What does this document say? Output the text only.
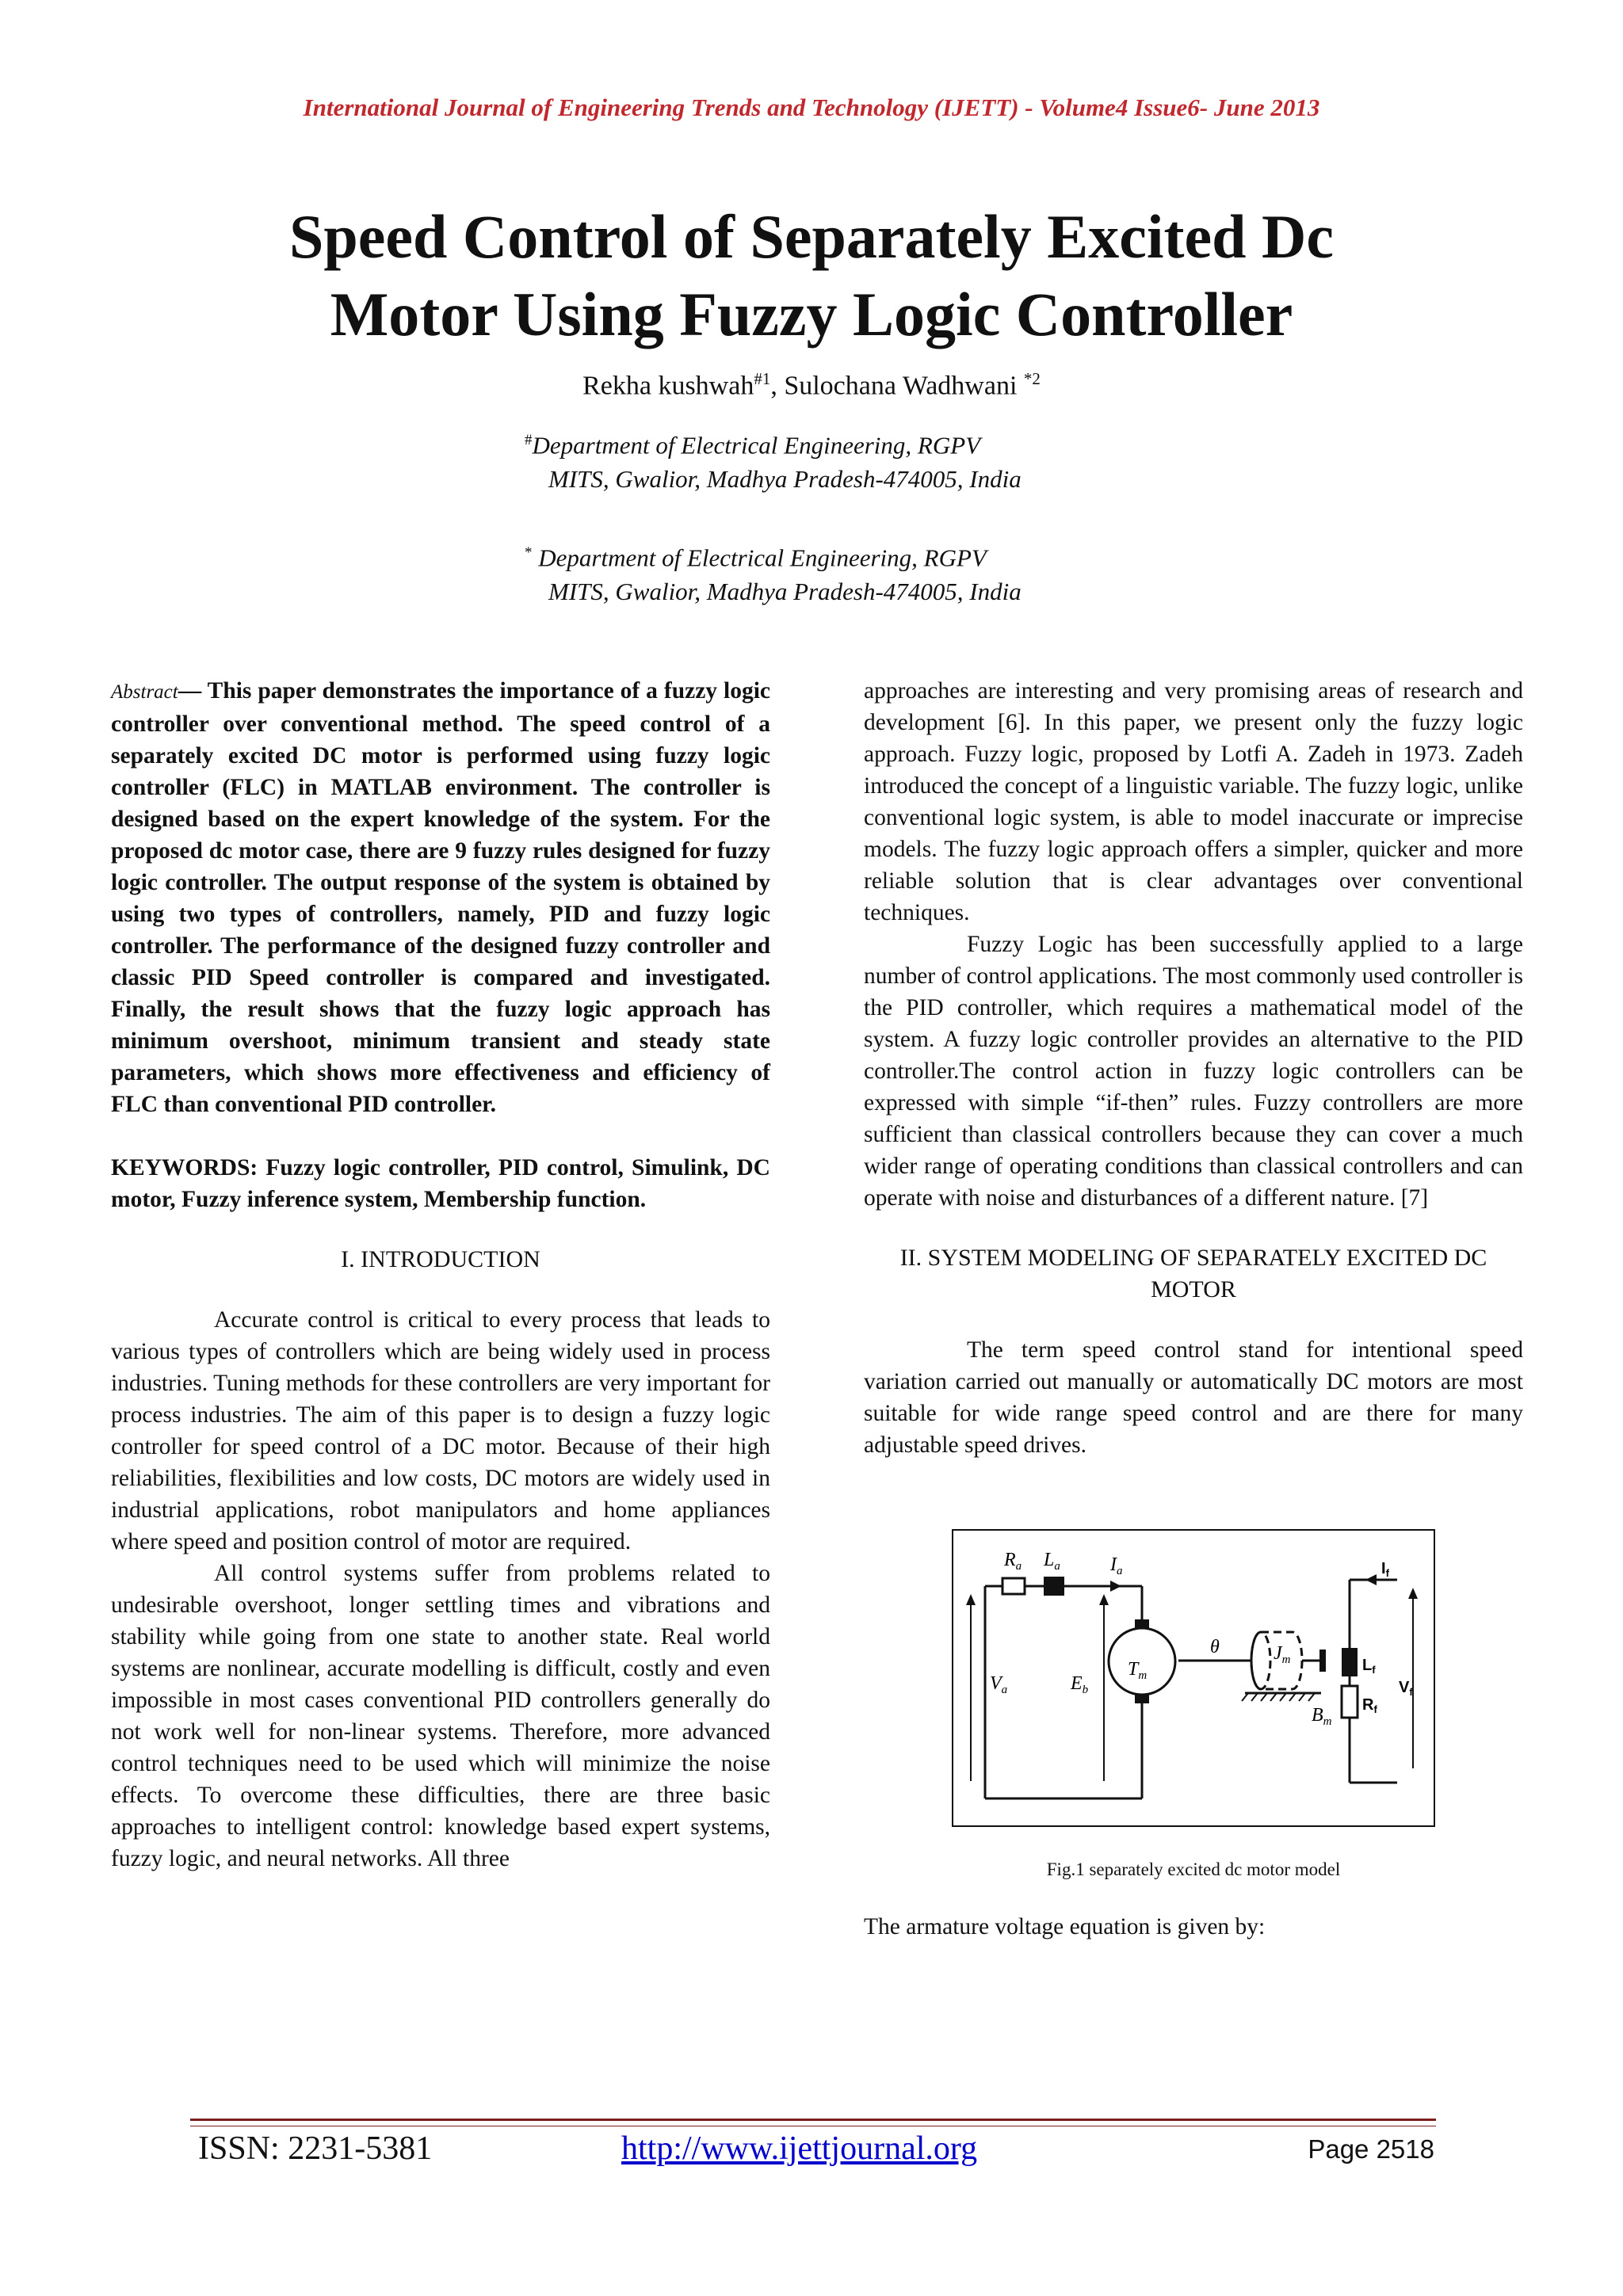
International Journal of Engineering Trends and Technology (IJETT) - Volume4 Issue6- June 2013
Speed Control of Separately Excited Dc
Motor Using Fuzzy Logic Controller
Rekha kushwah$^{\#1}$, Sulochana Wadhwani $^{*2}$
#Department of Electrical Engineering, RGPV
MITS, Gwalior, Madhya Pradesh-474005, India
* Department of Electrical Engineering, RGPV
MITS, Gwalior, Madhya Pradesh-474005, India

Abstract— This paper demonstrates the importance of a fuzzy logic controller over conventional method. The speed control of a separately excited DC motor is performed using fuzzy logic controller (FLC) in MATLAB environment. The controller is designed based on the expert knowledge of the system. For the proposed dc motor case, there are 9 fuzzy rules designed for fuzzy logic controller. The output response of the system is obtained by using two types of controllers, namely, PID and fuzzy logic controller. The performance of the designed fuzzy controller and classic PID Speed controller is compared and investigated. Finally, the result shows that the fuzzy logic approach has minimum overshoot, minimum transient and steady state parameters, which shows more effectiveness and efficiency of FLC than conventional PID controller.

KEYWORDS: Fuzzy logic controller, PID control, Simulink, DC motor, Fuzzy inference system, Membership function.

I. INTRODUCTION

Accurate control is critical to every process that leads to various types of controllers which are being widely used in process industries. Tuning methods for these controllers are very important for process industries. The aim of this paper is to design a fuzzy logic controller for speed control of a DC motor. Because of their high reliabilities, flexibilities and low costs, DC motors are widely used in industrial applications, robot manipulators and home appliances where speed and position control of motor are required.

All control systems suffer from problems related to undesirable overshoot, longer settling times and vibrations and stability while going from one state to another state. Real world systems are nonlinear, accurate modelling is difficult, costly and even impossible in most cases conventional PID controllers generally do not work well for non-linear systems. Therefore, more advanced control techniques need to be used which will minimize the noise effects. To overcome these difficulties, there are three basic approaches to intelligent control: knowledge based expert systems, fuzzy logic, and neural networks. All three

approaches are interesting and very promising areas of research and development [6]. In this paper, we present only the fuzzy logic approach. Fuzzy logic, proposed by Lotfi A. Zadeh in 1973. Zadeh introduced the concept of a linguistic variable. The fuzzy logic, unlike conventional logic system, is able to model inaccurate or imprecise models. The fuzzy logic approach offers a simpler, quicker and more reliable solution that is clear advantages over conventional techniques.

Fuzzy Logic has been successfully applied to a large number of control applications. The most commonly used controller is the PID controller, which requires a mathematical model of the system. A fuzzy logic controller provides an alternative to the PID controller.The control action in fuzzy logic controllers can be expressed with simple “if-then” rules. Fuzzy controllers are more sufficient than classical controllers because they can cover a much wider range of operating conditions than classical controllers and can operate with noise and disturbances of a different nature. [7]

II. SYSTEM MODELING OF SEPARATELY EXCITED DC MOTOR

The term speed control stand for intentional speed variation carried out manually or automatically DC motors are most suitable for wide range speed control and are there for many adjustable speed drives.

$R_a$ $L_a$	$I_a$
$V_a$	$E_b$
$T_m$
θ	$J_m$
$B_m$
$I_f$
$L_f$
$R_f$
$V_f$

Fig.1 separately excited dc motor model

The armature voltage equation is given by:

ISSN: 2231-5381	http://www.ijettjournal.org	Page 2518
